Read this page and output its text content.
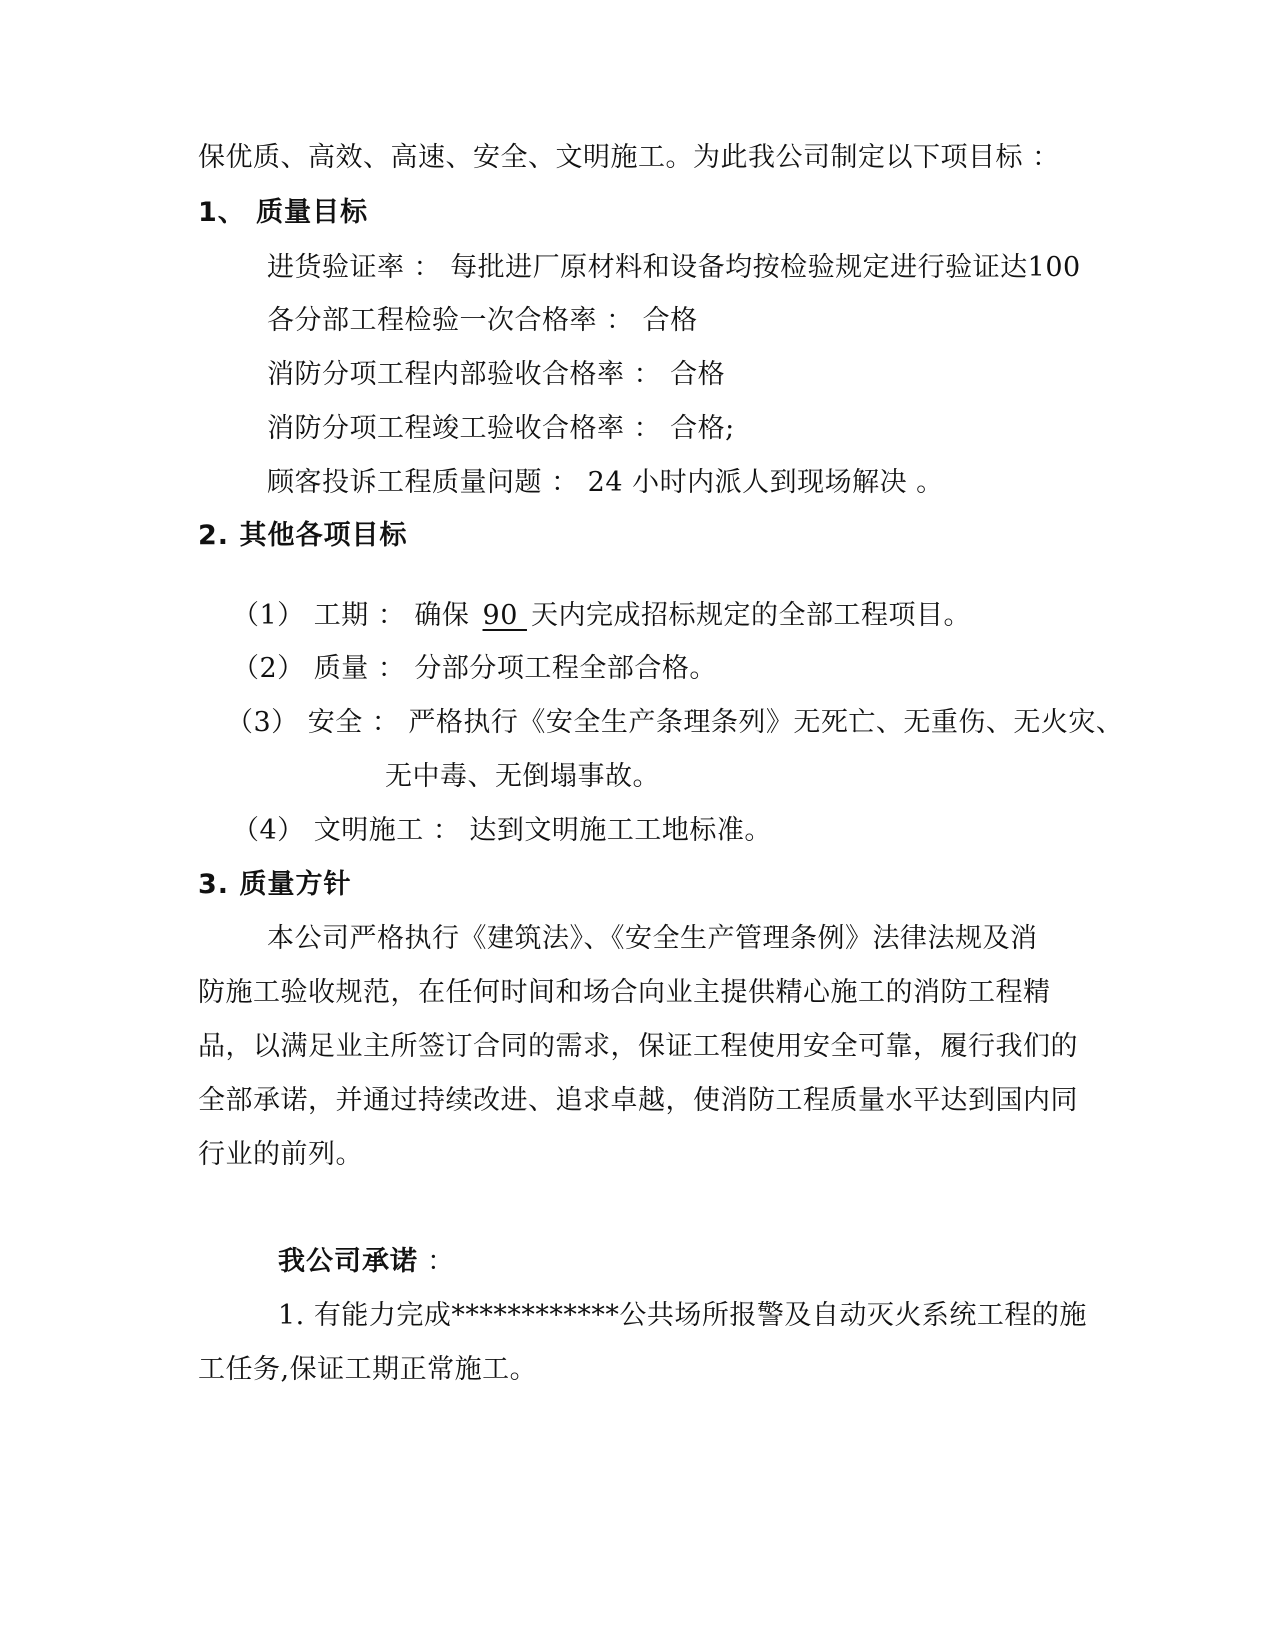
保优质、高效、高速、安全、文明施工。为此我公司制定以下项目标 ：
1、 质量目标
进货验证率 ： 每批进厂原材料和设备均按检验规定进行验证达100
各分部工程检验一次合格率 ： 合格
消防分项工程内部验收合格率 ： 合格
消防分项工程竣工验收合格率 ： 合格;
顾客投诉工程质量问题 ： 24 小时内派人到现场解决 。
2. 其他各项目标
（1） 工期 ： 确保 90 天内完成招标规定的全部工程项目。
（2） 质量 ： 分部分项工程全部合格。
（3） 安全 ： 严格执行《安全生产条理条列》无死亡、无重伤、无火灾、
无中毒、无倒塌事故。
（4） 文明施工 ： 达到文明施工工地标准。
3. 质量方针
本公司严格执行《建筑法》、《安全生产管理条例》法律法规及消
防施工验收规范，在任何时间和场合向业主提供精心施工的消防工程精
品，以满足业主所签订合同的需求，保证工程使用安全可靠，履行我们的
全部承诺，并通过持续改进、追求卓越，使消防工程质量水平达到国内同
行业的前列。
我公司承诺 ：
1. 有能力完成************公共场所报警及自动灭火系统工程的施
工任务,保证工期正常施工。
